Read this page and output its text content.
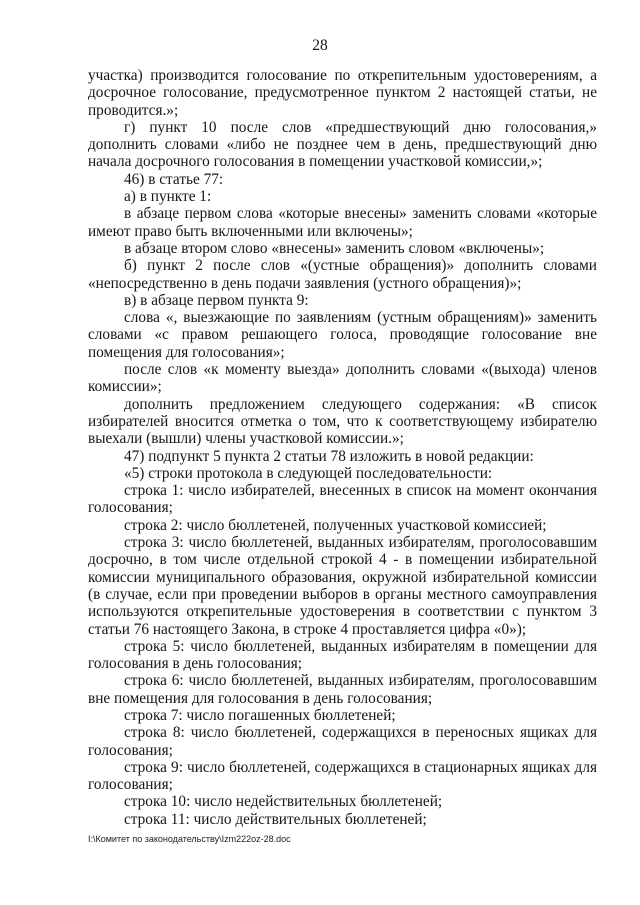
28

участка) производится голосование по открепительным удостоверениям, а досрочное голосование, предусмотренное пунктом 2 настоящей статьи, не проводится.»;

г) пункт 10 после слов «предшествующий дню голосования,» дополнить словами «либо не позднее чем в день, предшествующий дню начала досрочного голосования в помещении участковой комиссии,»;

46) в статье 77:

а) в пункте 1:

в абзаце первом слова «которые внесены» заменить словами «которые имеют право быть включенными или включены»;

в абзаце втором слово «внесены» заменить словом «включены»;

б) пункт 2 после слов «(устные обращения)» дополнить словами «непосредственно в день подачи заявления (устного обращения)»;

в) в абзаце первом пункта 9:

слова «, выезжающие по заявлениям (устным обращениям)» заменить словами «с правом решающего голоса, проводящие голосование вне помещения для голосования»;

после слов «к моменту выезда» дополнить словами «(выхода) членов комиссии»;

дополнить предложением следующего содержания: «В список избирателей вносится отметка о том, что к соответствующему избирателю выехали (вышли) члены участковой комиссии.»;

47) подпункт 5 пункта 2 статьи 78 изложить в новой редакции:

«5) строки протокола в следующей последовательности:

строка 1: число избирателей, внесенных в список на момент окончания голосования;

строка 2: число бюллетеней, полученных участковой комиссией;

строка 3: число бюллетеней, выданных избирателям, проголосовавшим досрочно, в том числе отдельной строкой 4 - в помещении избирательной комиссии муниципального образования, окружной избирательной комиссии (в случае, если при проведении выборов в органы местного самоуправления используются открепительные удостоверения в соответствии с пунктом 3 статьи 76 настоящего Закона, в строке 4 проставляется цифра «0»);

строка 5: число бюллетеней, выданных избирателям в помещении для голосования в день голосования;

строка 6: число бюллетеней, выданных избирателям, проголосовавшим вне помещения для голосования в день голосования;

строка 7: число погашенных бюллетеней;

строка 8: число бюллетеней, содержащихся в переносных ящиках для голосования;

строка 9: число бюллетеней, содержащихся в стационарных ящиках для голосования;

строка 10: число недействительных бюллетеней;

строка 11: число действительных бюллетеней;

I:\Комитет по законодательству\Izm222oz-28.doc
